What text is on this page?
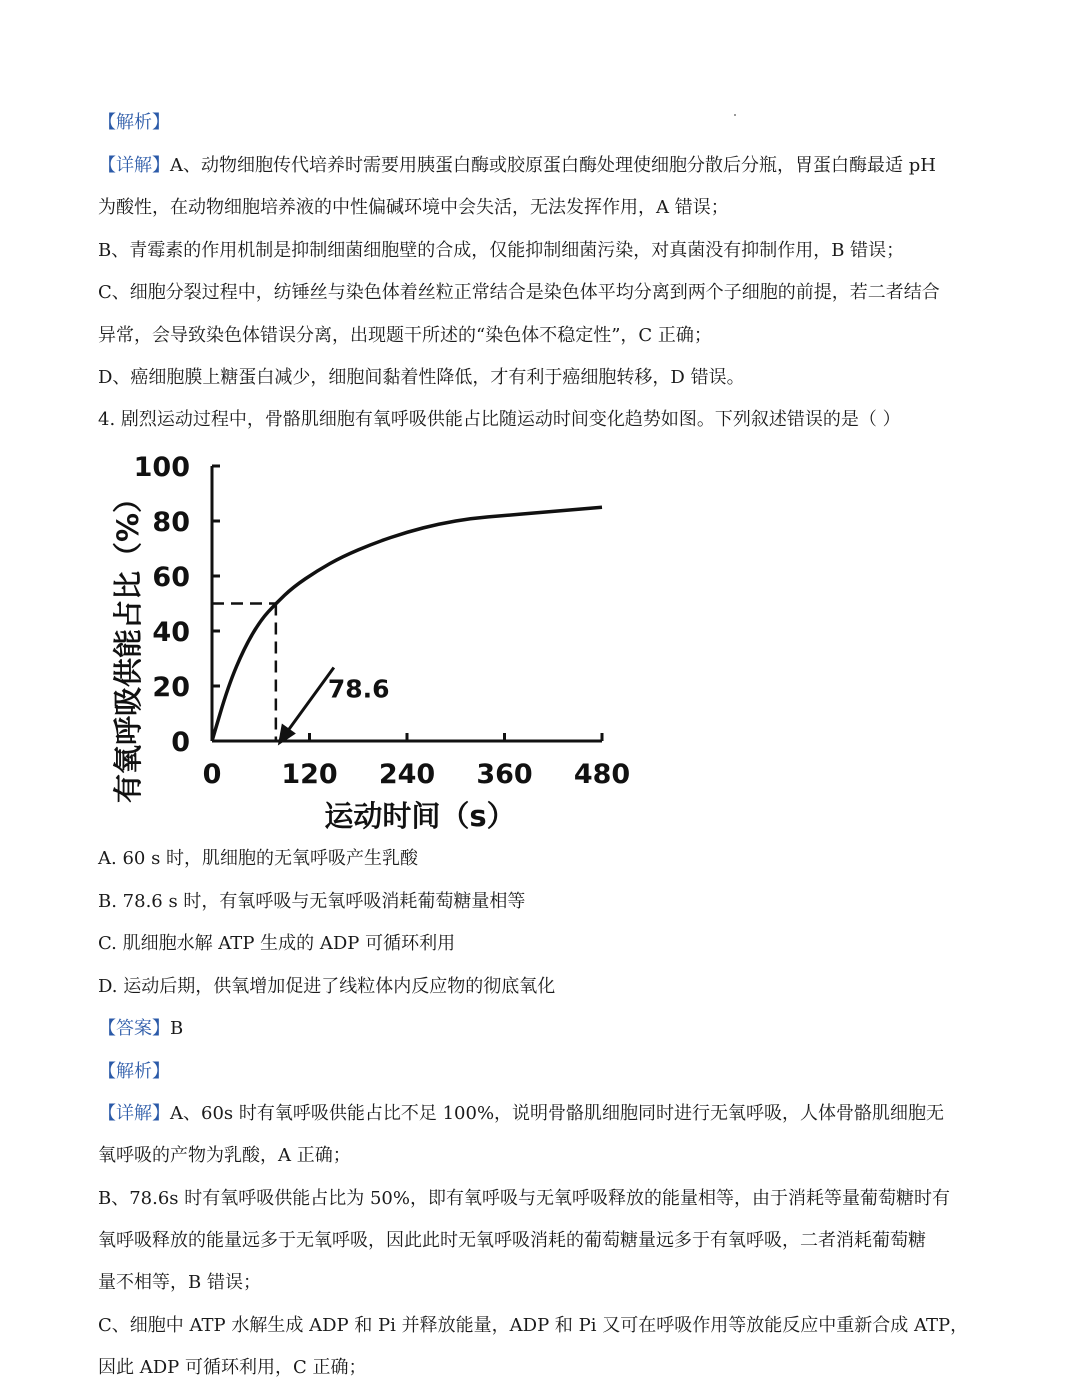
【解析】
【详解】A、动物细胞传代培养时需要用胰蛋白酶或胶原蛋白酶处理使细胞分散后分瓶，胃蛋白酶最适 pH
为酸性，在动物细胞培养液的中性偏碱环境中会失活，无法发挥作用，A 错误；
B、青霉素的作用机制是抑制细菌细胞壁的合成，仅能抑制细菌污染，对真菌没有抑制作用，B 错误；
C、细胞分裂过程中，纺锤丝与染色体着丝粒正常结合是染色体平均分离到两个子细胞的前提，若二者结合
异常，会导致染色体错误分离，出现题干所述的“染色体不稳定性”，C 正确；
D、癌细胞膜上糖蛋白减少，细胞间黏着性降低，才有利于癌细胞转移，D 错误。
4. 剧烈运动过程中，骨骼肌细胞有氧呼吸供能占比随运动时间变化趋势如图。下列叙述错误的是（ ）
0
20
40
60
80
100
0 120 240 360 480
运动时间（s）
有氧呼吸供能占比（%）	78.6
A. 60 s 时，肌细胞的无氧呼吸产生乳酸
B. 78.6 s 时，有氧呼吸与无氧呼吸消耗葡萄糖量相等
C. 肌细胞水解 ATP 生成的 ADP 可循环利用
D. 运动后期，供氧增加促进了线粒体内反应物的彻底氧化
【答案】B
【解析】
【详解】A、60s 时有氧呼吸供能占比不足 100%，说明骨骼肌细胞同时进行无氧呼吸，人体骨骼肌细胞无
氧呼吸的产物为乳酸，A 正确；
B、78.6s 时有氧呼吸供能占比为 50%，即有氧呼吸与无氧呼吸释放的能量相等，由于消耗等量葡萄糖时有
氧呼吸释放的能量远多于无氧呼吸，因此此时无氧呼吸消耗的葡萄糖量远多于有氧呼吸，二者消耗葡萄糖
量不相等，B 错误；
C、细胞中 ATP 水解生成 ADP 和 Pi 并释放能量，ADP 和 Pi 又可在呼吸作用等放能反应中重新合成 ATP，
因此 ADP 可循环利用，C 正确；
